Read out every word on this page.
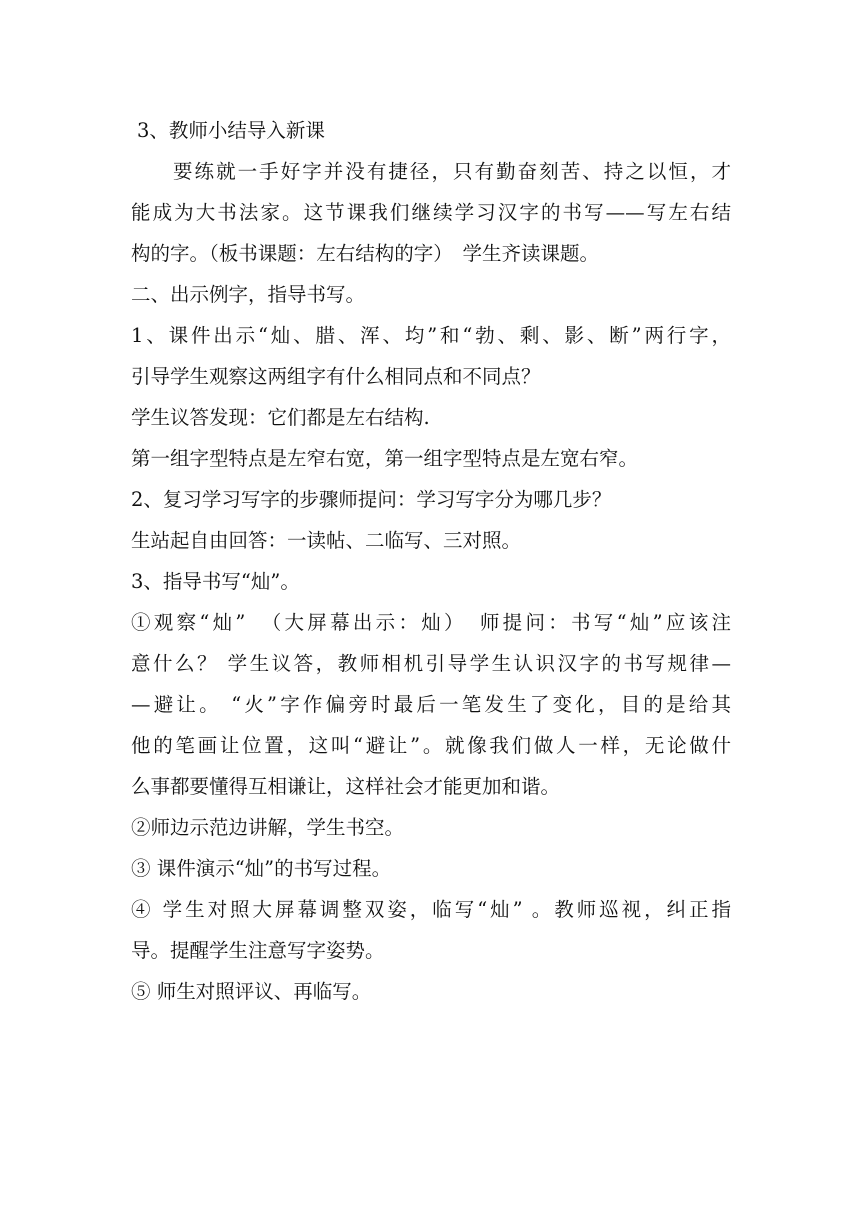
3、教师小结导入新课
要练就一手好字并没有捷径，只有勤奋刻苦、持之以恒，才
能成为大书法家。这节课我们继续学习汉字的书写——写左右结
构的字。（板书课题：左右结构的字）　学生齐读课题。
二、出示例字，指导书写。
1、课件出示“灿、腊、浑、均”和“勃、剩、影、断”两行字，
引导学生观察这两组字有什么相同点和不同点？
学生议答发现：它们都是左右结构.
第一组字型特点是左窄右宽，第一组字型特点是左宽右窄。
2、复习学习写字的步骤师提问：学习写字分为哪几步？
生站起自由回答：一读帖、二临写、三对照。
3、指导书写“灿”。
①观察“灿”　（大屏幕出示：灿）　师提问：书写“灿”应该注
意什么？ 学生议答，教师相机引导学生认识汉字的书写规律—
—避让。 “火”字作偏旁时最后一笔发生了变化，目的是给其
他的笔画让位置，这叫“避让”。就像我们做人一样，无论做什
么事都要懂得互相谦让，这样社会才能更加和谐。
②师边示范边讲解，学生书空。
③ 课件演示“灿”的书写过程。
④ 学生对照大屏幕调整双姿，临写“灿” 。教师巡视，纠正指
导。提醒学生注意写字姿势。
⑤ 师生对照评议、再临写。
